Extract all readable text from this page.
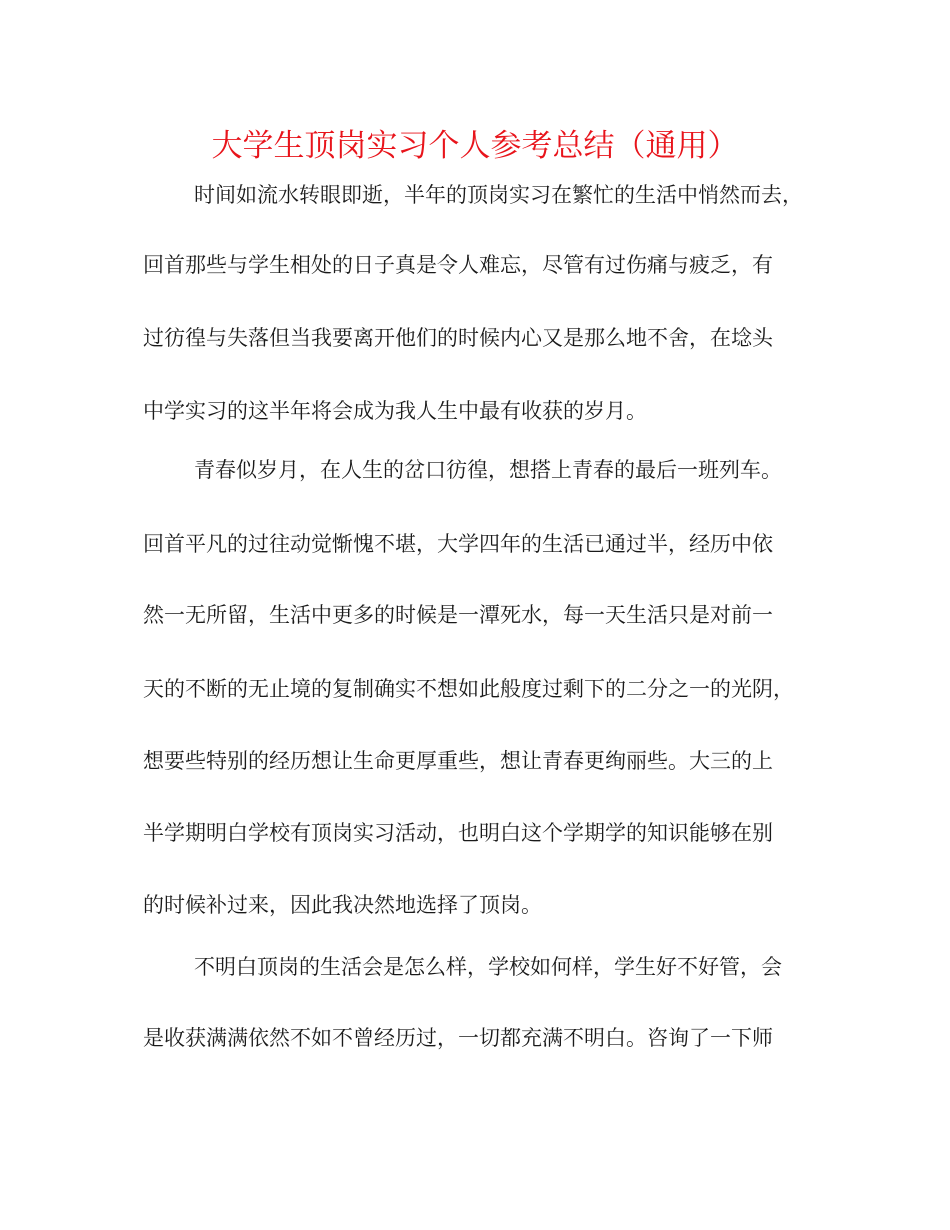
大学生顶岗实习个人参考总结（通用）
时间如流水转眼即逝，半年的顶岗实习在繁忙的生活中悄然而去，
回首那些与学生相处的日子真是令人难忘，尽管有过伤痛与疲乏，有
过彷徨与失落但当我要离开他们的时候内心又是那么地不舍，在埝头
中学实习的这半年将会成为我人生中最有收获的岁月。
青春似岁月，在人生的岔口彷徨，想搭上青春的最后一班列车。
回首平凡的过往动觉惭愧不堪，大学四年的生活已通过半，经历中依
然一无所留，生活中更多的时候是一潭死水，每一天生活只是对前一
天的不断的无止境的复制确实不想如此般度过剩下的二分之一的光阴，
想要些特别的经历想让生命更厚重些，想让青春更绚丽些。大三的上
半学期明白学校有顶岗实习活动，也明白这个学期学的知识能够在别
的时候补过来，因此我决然地选择了顶岗。
不明白顶岗的生活会是怎么样，学校如何样，学生好不好管，会
是收获满满依然不如不曾经历过，一切都充满不明白。咨询了一下师
